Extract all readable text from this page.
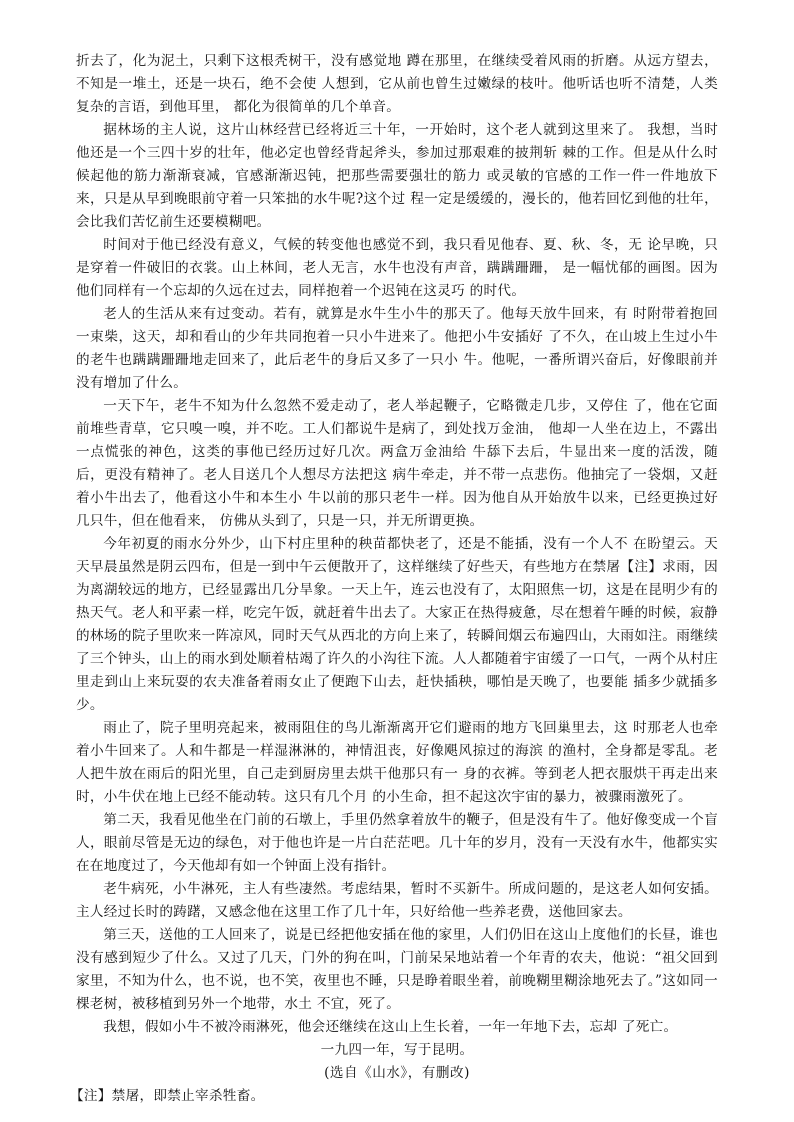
折去了，化为泥土，只剩下这根秃树干，没有感觉地 蹲在那里，在继续受着风雨的折磨。从远方望去，不知是一堆土，还是一块石，绝不会使 人想到，它从前也曾生过嫩绿的枝叶。他听话也听不清楚，人类复杂的言语，到他耳里， 都化为很简单的几个单音。

据林场的主人说，这片山林经营已经将近三十年，一开始时，这个老人就到这里来了。 我想，当时他还是一个三四十岁的壮年，他必定也曾经背起斧头，参加过那艰难的披荆斩 棘的工作。但是从什么时候起他的筋力渐渐衰减，官感渐渐迟钝，把那些需要强壮的筋力 或灵敏的官感的工作一件一件地放下来，只是从早到晚眼前守着一只笨拙的水牛呢?这个过 程一定是缓缓的，漫长的，他若回忆到他的壮年，会比我们苦忆前生还要模糊吧。

时间对于他已经没有意义，气候的转变他也感觉不到，我只看见他春、夏、秋、冬，无 论早晚，只是穿着一件破旧的衣裳。山上林间，老人无言，水牛也没有声音，蹒蹒跚跚， 是一幅忧郁的画图。因为他们同样有一个忘却的久远在过去，同样抱着一个迟钝在这灵巧 的时代。

老人的生活从来有过变动。若有，就算是水牛生小牛的那天了。他每天放牛回来，有 时附带着抱回一束柴，这天，却和看山的少年共同抱着一只小牛进来了。他把小牛安插好 了不久，在山坡上生过小牛的老牛也蹒蹒跚跚地走回来了，此后老牛的身后又多了一只小 牛。他呢，一番所谓兴奋后，好像眼前并没有增加了什么。

一天下午，老牛不知为什么忽然不爱走动了，老人举起鞭子，它略微走几步，又停住 了，他在它面前堆些青草，它只嗅一嗅，并不吃。工人们都说牛是病了，到处找万金油， 他却一人坐在边上，不露出一点慌张的神色，这类的事他已经历过好几次。两盒万金油给 牛舔下去后，牛显出来一度的活泼，随后，更没有精神了。老人目送几个人想尽方法把这 病牛牵走，并不带一点悲伤。他抽完了一袋烟，又赶着小牛出去了，他看这小牛和本生小 牛以前的那只老牛一样。因为他自从开始放牛以来，已经更换过好几只牛，但在他看来， 仿佛从头到了，只是一只，并无所谓更换。

今年初夏的雨水分外少，山下村庄里种的秧苗都快老了，还是不能插，没有一个人不 在盼望云。天天早晨虽然是阴云四布，但是一到中午云便散开了，这样继续了好些天，有些地方在禁屠【注】求雨，因为离湖较远的地方，已经显露出几分旱象。一天上午，连云也没有了，太阳照焦一切，这是在昆明少有的热天气。老人和平素一样，吃完午饭，就赶着牛出去了。大家正在热得疲惫，尽在想着午睡的时候，寂静的林场的院子里吹来一阵凉风，同时天气从西北的方向上来了，转瞬间烟云布遍四山，大雨如注。雨继续了三个钟头，山上的雨水到处顺着枯竭了许久的小沟往下流。人人都随着宇宙缓了一口气，一两个从村庄里走到山上来玩耍的农夫准备着雨女止了便跑下山去，赶快插秧，哪怕是天晚了，也要能 插多少就插多少。

雨止了，院子里明亮起来，被雨阻住的鸟儿渐渐离开它们避雨的地方飞回巢里去，这 时那老人也牵着小牛回来了。人和牛都是一样湿淋淋的，神情沮丧，好像飓风掠过的海滨 的渔村，全身都是零乱。老人把牛放在雨后的阳光里，自己走到厨房里去烘干他那只有一 身的衣裤。等到老人把衣服烘干再走出来时，小牛伏在地上已经不能动转。这只有几个月 的小生命，担不起这次宇宙的暴力，被骤雨激死了。

第二天，我看见他坐在门前的石墩上，手里仍然拿着放牛的鞭子，但是没有牛了。他好像变成一个盲人，眼前尽管是无边的绿色，对于他也许是一片白茫茫吧。几十年的岁月，没有一天没有水牛，他都实实在在地度过了，今天他却有如一个钟面上没有指针。

老牛病死，小牛淋死，主人有些凄然。考虑结果，暂时不买新牛。所成问题的，是这老人如何安插。主人经过长时的踌躇，又感念他在这里工作了几十年，只好给他一些养老费，送他回家去。

第三天，送他的工人回来了，说是已经把他安插在他的家里，人们仍旧在这山上度他们的长昼，谁也没有感到短少了什么。又过了几天，门外的狗在叫，门前呆呆地站着一个年青的农夫，他说：“祖父回到家里，不知为什么，也不说，也不笑，夜里也不睡，只是睁着眼坐着，前晚糊里糊涂地死去了。”这如同一棵老树，被移植到另外一个地带，水土 不宜，死了。

我想，假如小牛不被冷雨淋死，他会还继续在这山上生长着，一年一年地下去，忘却 了死亡。

一九四一年，写于昆明。

(选自《山水》，有删改)

【注】禁屠，即禁止宰杀牲畜。
